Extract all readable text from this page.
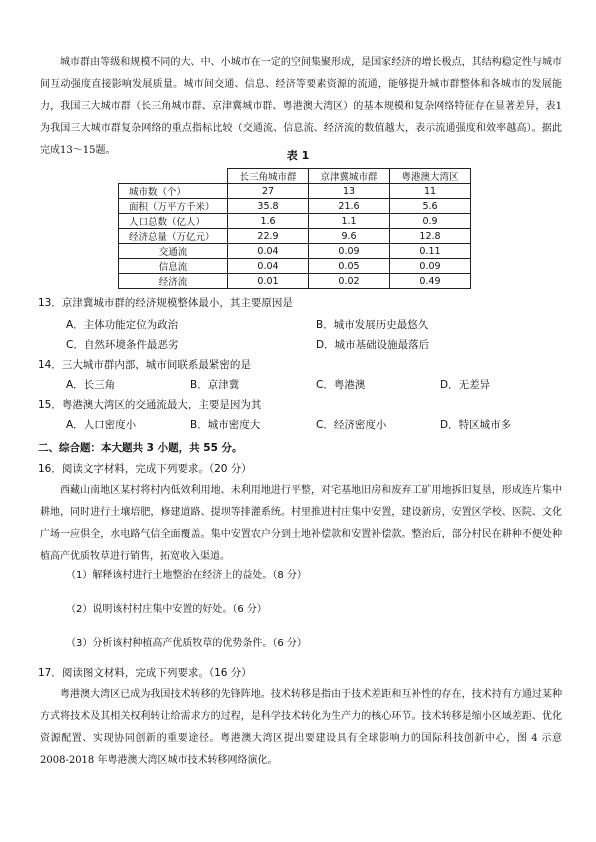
城市群由等级和规模不同的大、中、小城市在一定的空间集聚形成，是国家经济的增长极点，其结构稳定性与城市间互动强度直接影响发展质量。城市间交通、信息、经济等要素资源的流通，能够提升城市群整体和各城市的发展能力，我国三大城市群（长三角城市群、京津冀城市群、粤港澳大湾区）的基本规模和复杂网络特征存在显著差异，表1为我国三大城市群复杂网络的重点指标比较（交通流、信息流、经济流的数值越大，表示流通强度和效率越高）。据此完成13～15题。	表 1
	长三角城市群	京津冀城市群	粤港澳大湾区
城市数（个）	27	13	11
面积（万平方千米）	35.8	21.6	5.6
人口总数（亿人）	1.6	1.1	0.9
经济总量（万亿元）	22.9	9.6	12.8
交通流	0.04	0.09	0.11
信息流	0.04	0.05	0.09
经济流	0.01	0.02	0.49
13．京津冀城市群的经济规模整体最小，其主要原因是
A．主体功能定位为政治	B．城市发展历史最悠久
C．自然环境条件最恶劣	D．城市基础设施最落后
14．三大城市群内部，城市间联系最紧密的是
A．长三角	B．京津冀	C．粤港澳	D．无差异
15．粤港澳大湾区的交通流最大，主要是因为其
A．人口密度小	B．城市密度大	C．经济密度小	D．特区城市多
二、综合题：本大题共 3 小题，共 55 分。
16．阅读文字材料，完成下列要求。（20 分）
西藏山南地区某村将村内低效利用地、未利用地进行平整，对宅基地旧房和废弃工矿用地拆旧复垦，形成连片集中耕地，同时进行土壤培肥，修建道路、提坝等排灌系统。村里推进村庄集中安置，建设新房，安置区学校、医院、文化广场一应俱全，水电路气信全面覆盖。集中安置农户分到土地补偿款和安置补偿款。整治后，部分村民在耕种不便处种植高产优质牧草进行销售，拓宽收入渠道。
（1）解释该村进行土地整治在经济上的益处。（8 分）
（2）说明该村村庄集中安置的好处。（6 分）
（3）分析该村种植高产优质牧草的优势条件。（6 分）
17．阅读图文材料，完成下列要求。（16 分）
粤港澳大湾区已成为我国技术转移的先锋阵地。技术转移是指由于技术差距和互补性的存在，技术持有方通过某种方式将技术及其相关权利转让给需求方的过程，是科学技术转化为生产力的核心环节。技术转移是缩小区域差距、优化资源配置、实现协同创新的重要途径。粤港澳大湾区提出要建设具有全球影响力的国际科技创新中心，图 4 示意 2008-2018 年粤港澳大湾区城市技术转移网络演化。
